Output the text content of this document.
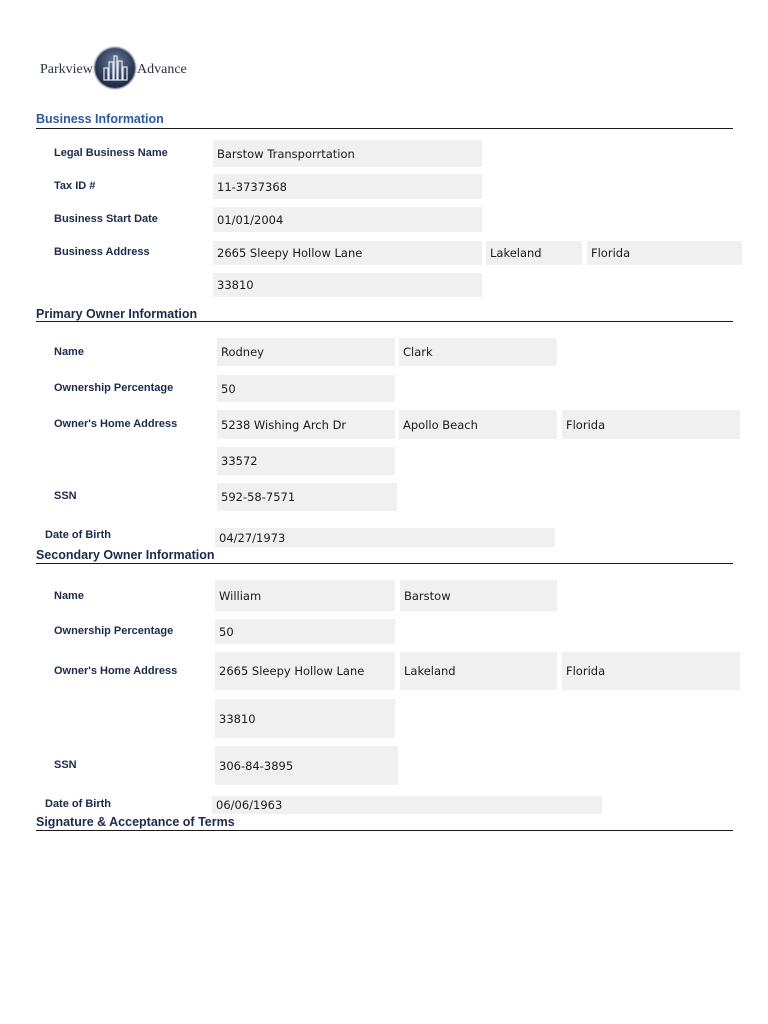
Parkview	Advance
Business Information
Legal Business Name	Barstow Transporrtation
Tax ID #	11-3737368
Business Start Date	01/01/2004
Business Address	2665 Sleepy Hollow Lane	Lakeland	Florida
33810
Primary Owner Information
Name	Rodney	Clark
Ownership Percentage	50
Owner's Home Address	5238 Wishing Arch Dr	Apollo Beach	Florida
33572
SSN	592-58-7571
Date of Birth	04/27/1973
Secondary Owner Information
Name	William	Barstow
Ownership Percentage	50
Owner's Home Address	2665 Sleepy Hollow Lane	Lakeland	Florida
33810
SSN	306-84-3895
Date of Birth	06/06/1963
Signature & Acceptance of Terms
